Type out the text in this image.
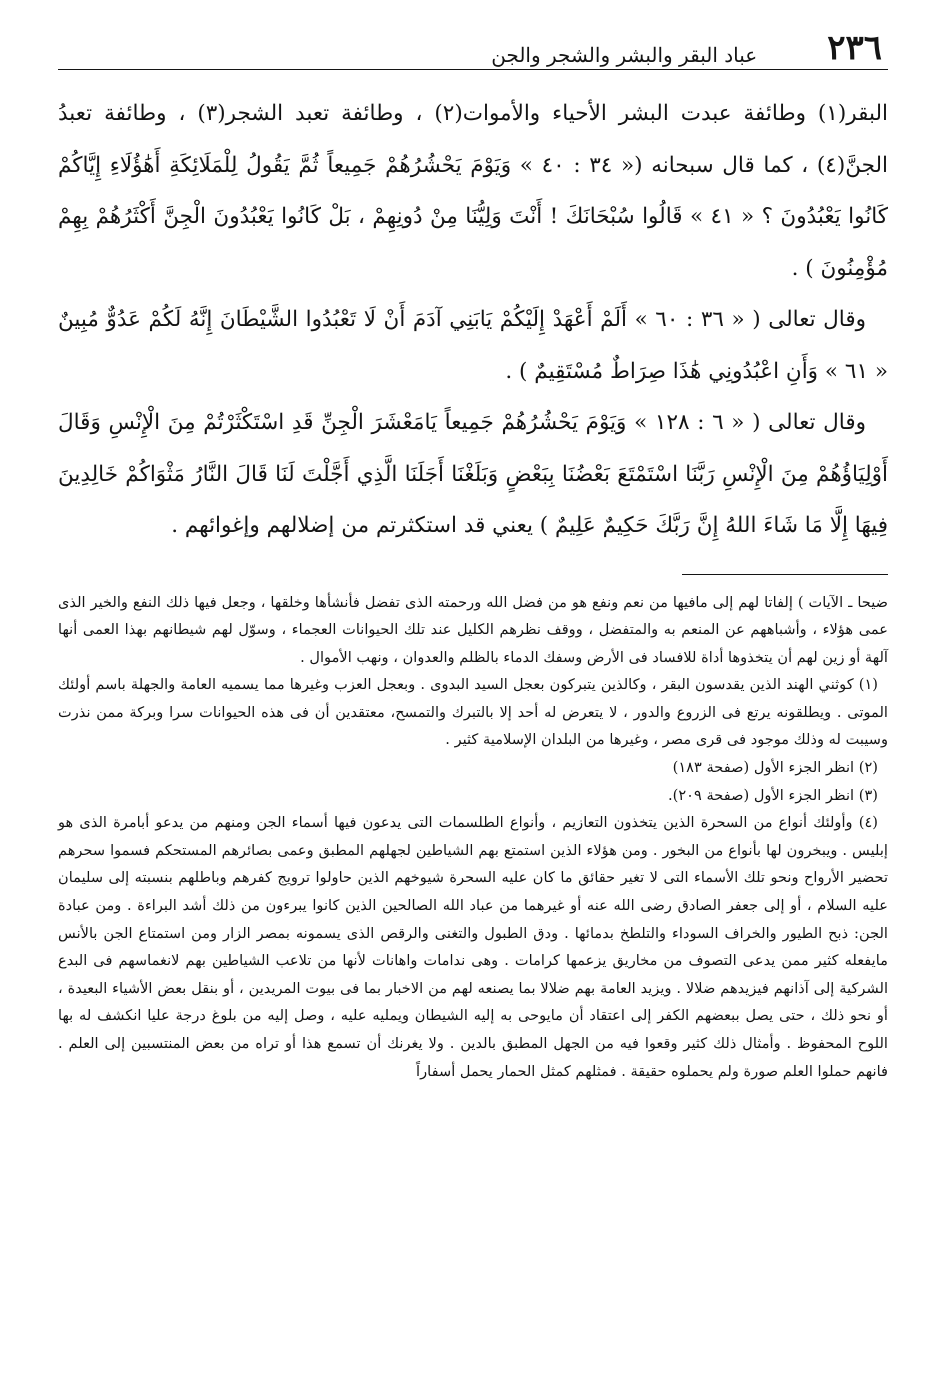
٢٣٦
عباد البقر والبشر والشجر والجن

البقر(١) وطائفة عبدت البشر الأحياء والأموات(٢) ، وطائفة تعبد الشجر(٣) ، وطائفة تعبدُ الجنَّ(٤) ، كما قال سبحانه (« ٣٤ : ٤٠ » وَيَوْمَ يَحْشُرُهُمْ جَمِيعاً ثُمَّ يَقُولُ لِلْمَلَائِكَةِ أَهَٰؤُلَاءِ إِيَّاكُمْ كَانُوا يَعْبُدُونَ ؟ « ٤١ » قَالُوا سُبْحَانَكَ ! أَنْتَ وَلِيُّنَا مِنْ دُونِهِمْ ، بَلْ كَانُوا يَعْبُدُونَ الْجِنَّ أَكْثَرُهُمْ بِهِمْ مُؤْمِنُونَ ) .

وقال تعالى ( « ٣٦ : ٦٠ » أَلَمْ أَعْهَدْ إِلَيْكُمْ يَابَنِي آدَمَ أَنْ لَا تَعْبُدُوا الشَّيْطَانَ إِنَّهُ لَكُمْ عَدُوٌّ مُبِينٌ « ٦١ » وَأَنِ اعْبُدُونِي هَٰذَا صِرَاطٌ مُسْتَقِيمٌ ) .

وقال تعالى ( « ٦ : ١٢٨ » وَيَوْمَ يَحْشُرُهُمْ جَمِيعاً يَامَعْشَرَ الْجِنِّ قَدِ اسْتَكْثَرْتُمْ مِنَ الْإِنْسِ وَقَالَ أَوْلِيَاؤُهُمْ مِنَ الْإِنْسِ رَبَّنَا اسْتَمْتَعَ بَعْضُنَا بِبَعْضٍ وَبَلَغْنَا أَجَلَنَا الَّذِي أَجَّلْتَ لَنَا قَالَ النَّارُ مَثْوَاكُمْ خَالِدِينَ فِيهَا إِلَّا مَا شَاءَ اللهُ إِنَّ رَبَّكَ حَكِيمٌ عَلِيمٌ ) يعني قد استكثرتم من إضلالهم وإغوائهم .

ضيحا ـ الآيات ) إلفاتا لهم إلى مافيها من نعم ونفع هو من فضل الله ورحمته الذى تفضل فأنشأها وخلقها ، وجعل فيها ذلك النفع والخير الذى عمى هؤلاء ، وأشباههم عن المنعم به والمتفضل ، ووقف نظرهم الكليل عند تلك الحيوانات العجماء ، وسوّل لهم شيطانهم بهذا العمى أنها آلهة أو زين لهم أن يتخذوها أداة للافساد فى الأرض وسفك الدماء بالظلم والعدوان ، ونهب الأموال .

(١) كوثني الهند الذين يقدسون البقر ، وكالذين يتبركون بعجل السيد البدوى . وبعجل العزب وغيرها مما يسميه العامة والجهلة باسم أولئك الموتى . ويطلقونه يرتع فى الزروع والدور ، لا يتعرض له أحد إلا بالتبرك والتمسح، معتقدين أن فى هذه الحيوانات سرا وبركة ممن نذرت وسيبت له وذلك موجود فى قرى مصر ، وغيرها من البلدان الإسلامية كثير .

(٢) انظر الجزء الأول (صفحة ١٨٣)

(٣) انظر الجزء الأول (صفحة ٢٠٩).

(٤) وأولئك أنواع من السحرة الذين يتخذون التعازيم ، وأنواع الطلسمات التى يدعون فيها أسماء الجن ومنهم من يدعو أبامرة الذى هو إبليس . ويبخرون لها بأنواع من البخور . ومن هؤلاء الذين استمتع بهم الشياطين لجهلهم المطبق وعمى بصائرهم المستحكم فسموا سحرهم تحضير الأرواح ونحو تلك الأسماء التى لا تغير حقائق ما كان عليه السحرة شيوخهم الذين حاولوا ترويج كفرهم وباطلهم بنسبته إلى سليمان عليه السلام ، أو إلى جعفر الصادق رضى الله عنه أو غيرهما من عباد الله الصالحين الذين كانوا يبرءون من ذلك أشد البراءة . ومن عبادة الجن: ذبح الطيور والخراف السوداء والتلطخ بدمائها . ودق الطبول والتغنى والرقص الذى يسمونه بمصر الزار ومن استمتاع الجن بالأنس مايفعله كثير ممن يدعى التصوف من مخاريق يزعمها كرامات . وهى ندامات واهانات لأنها من تلاعب الشياطين بهم لانغماسهم فى البدع الشركية إلى آذانهم فيزيدهم ضلالا . ويزيد العامة بهم ضلالا بما يصنعه لهم من الاخبار بما فى بيوت المريدين ، أو بنقل بعض الأشياء البعيدة ، أو نحو ذلك ، حتى يصل ببعضهم الكفر إلى اعتقاد أن مايوحى به إليه الشيطان ويمليه عليه ، وصل إليه من بلوغ درجة عليا انكشف له بها اللوح المحفوظ . وأمثال ذلك كثير وقعوا فيه من الجهل المطبق بالدين . ولا يغرنك أن تسمع هذا أو تراه من بعض المنتسبين إلى العلم . فانهم حملوا العلم صورة ولم يحملوه حقيقة . فمثلهم كمثل الحمار يحمل أسفاراً
